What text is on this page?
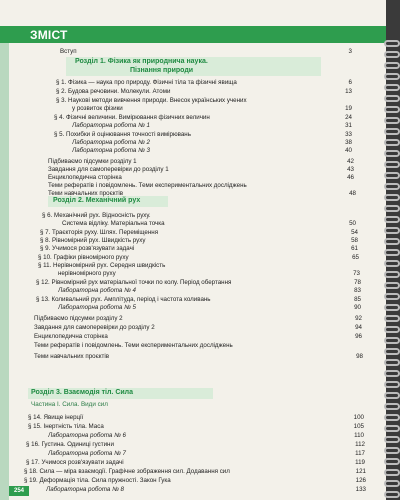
ЗМІСТ
Розділ 1. Фізика як природнича наука.
Пізнання природи
Розділ 2. Механічний рух
Розділ 3. Взаємодія тіл. Сила
Частина І. Сила. Види сил
Вступ	3
§ 1. Фізика — наука про природу. Фізичні тіла та фізичні явища	6
§ 2. Будова речовини. Молекули. Атоми	13
§ 3. Наукові методи вивчення природи. Внесок українських учених
у розвиток фізики	19
§ 4. Фізичні величини. Вимірювання фізичних величин	24
Лабораторна робота № 1	31
§ 5. Похибки й оцінювання точності вимірювань	33
Лабораторна робота № 2	38
Лабораторна робота № 3	40
Підбиваємо підсумки розділу 1	42
Завдання для самоперевірки до розділу 1	43
Енциклопедична сторінка	46
Теми рефератів і повідомлень. Теми експериментальних досліджень
Теми навчальних проєктів	48
§ 6. Механічний рух. Відносність руху.
Система відліку. Матеріальна точка	50
§ 7. Траєкторія руху. Шлях. Переміщення	54
§ 8. Рівномірний рух. Швидкість руху	58
§ 9. Учимося розв'язувати задачі	61
§ 10. Графіки рівномірного руху	65
§ 11. Нерівномірний рух. Середня швидкість
нерівномірного руху	73
§ 12. Рівномірний рух матеріальної точки по колу. Період обертання	78
Лабораторна робота № 4	83
§ 13. Коливальний рух. Амплітуда, період і частота коливань	85
Лабораторна робота № 5	90
Підбиваємо підсумки розділу 2	92
Завдання для самоперевірки до розділу 2	94
Енциклопедична сторінка	96
Теми рефератів і повідомлень. Теми експериментальних досліджень
Теми навчальних проєктів	98
§ 14. Явище інерції	100
§ 15. Інертність тіла. Маса	105
Лабораторна робота № 6	110
§ 16. Густина. Одиниці густини	112
Лабораторна робота № 7	117
§ 17. Учимося розв'язувати задачі	119
§ 18. Сила — міра взаємодії. Графічне зображення сил. Додавання сил	121
§ 19. Деформація тіла. Сила пружності. Закон Гука	126
Лабораторна робота № 8	133
254
